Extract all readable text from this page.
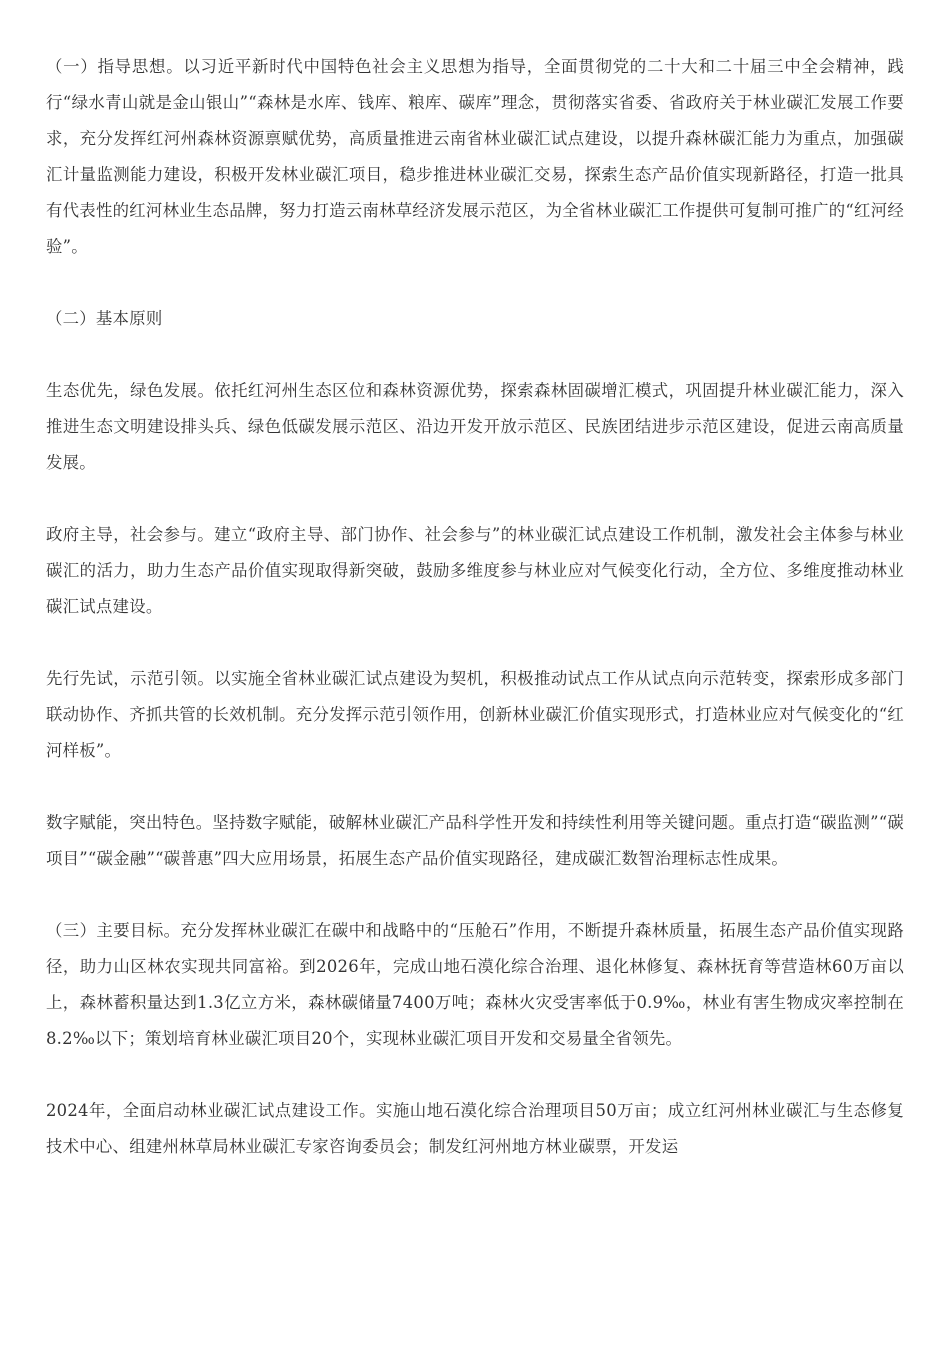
（一）指导思想。以习近平新时代中国特色社会主义思想为指导，全面贯彻党的二十大和二十届三中全会精神，践行“绿水青山就是金山银山”“森林是水库、钱库、粮库、碳库”理念，贯彻落实省委、省政府关于林业碳汇发展工作要求，充分发挥红河州森林资源禀赋优势，高质量推进云南省林业碳汇试点建设，以提升森林碳汇能力为重点，加强碳汇计量监测能力建设，积极开发林业碳汇项目，稳步推进林业碳汇交易，探索生态产品价值实现新路径，打造一批具有代表性的红河林业生态品牌，努力打造云南林草经济发展示范区，为全省林业碳汇工作提供可复制可推广的“红河经验”。

（二）基本原则

生态优先，绿色发展。依托红河州生态区位和森林资源优势，探索森林固碳增汇模式，巩固提升林业碳汇能力，深入推进生态文明建设排头兵、绿色低碳发展示范区、沿边开发开放示范区、民族团结进步示范区建设，促进云南高质量发展。

政府主导，社会参与。建立“政府主导、部门协作、社会参与”的林业碳汇试点建设工作机制，激发社会主体参与林业碳汇的活力，助力生态产品价值实现取得新突破，鼓励多维度参与林业应对气候变化行动，全方位、多维度推动林业碳汇试点建设。

先行先试，示范引领。以实施全省林业碳汇试点建设为契机，积极推动试点工作从试点向示范转变，探索形成多部门联动协作、齐抓共管的长效机制。充分发挥示范引领作用，创新林业碳汇价值实现形式，打造林业应对气候变化的“红河样板”。

数字赋能，突出特色。坚持数字赋能，破解林业碳汇产品科学性开发和持续性利用等关键问题。重点打造“碳监测”“碳项目”“碳金融”“碳普惠”四大应用场景，拓展生态产品价值实现路径，建成碳汇数智治理标志性成果。

（三）主要目标。充分发挥林业碳汇在碳中和战略中的“压舱石”作用，不断提升森林质量，拓展生态产品价值实现路径，助力山区林农实现共同富裕。到2026年，完成山地石漠化综合治理、退化林修复、森林抚育等营造林60万亩以上，森林蓄积量达到1.3亿立方米，森林碳储量7400万吨；森林火灾受害率低于0.9‰，林业有害生物成灾率控制在8.2‰以下；策划培育林业碳汇项目20个，实现林业碳汇项目开发和交易量全省领先。

2024年，全面启动林业碳汇试点建设工作。实施山地石漠化综合治理项目50万亩；成立红河州林业碳汇与生态修复技术中心、组建州林草局林业碳汇专家咨询委员会；制发红河州地方林业碳票，开发运
